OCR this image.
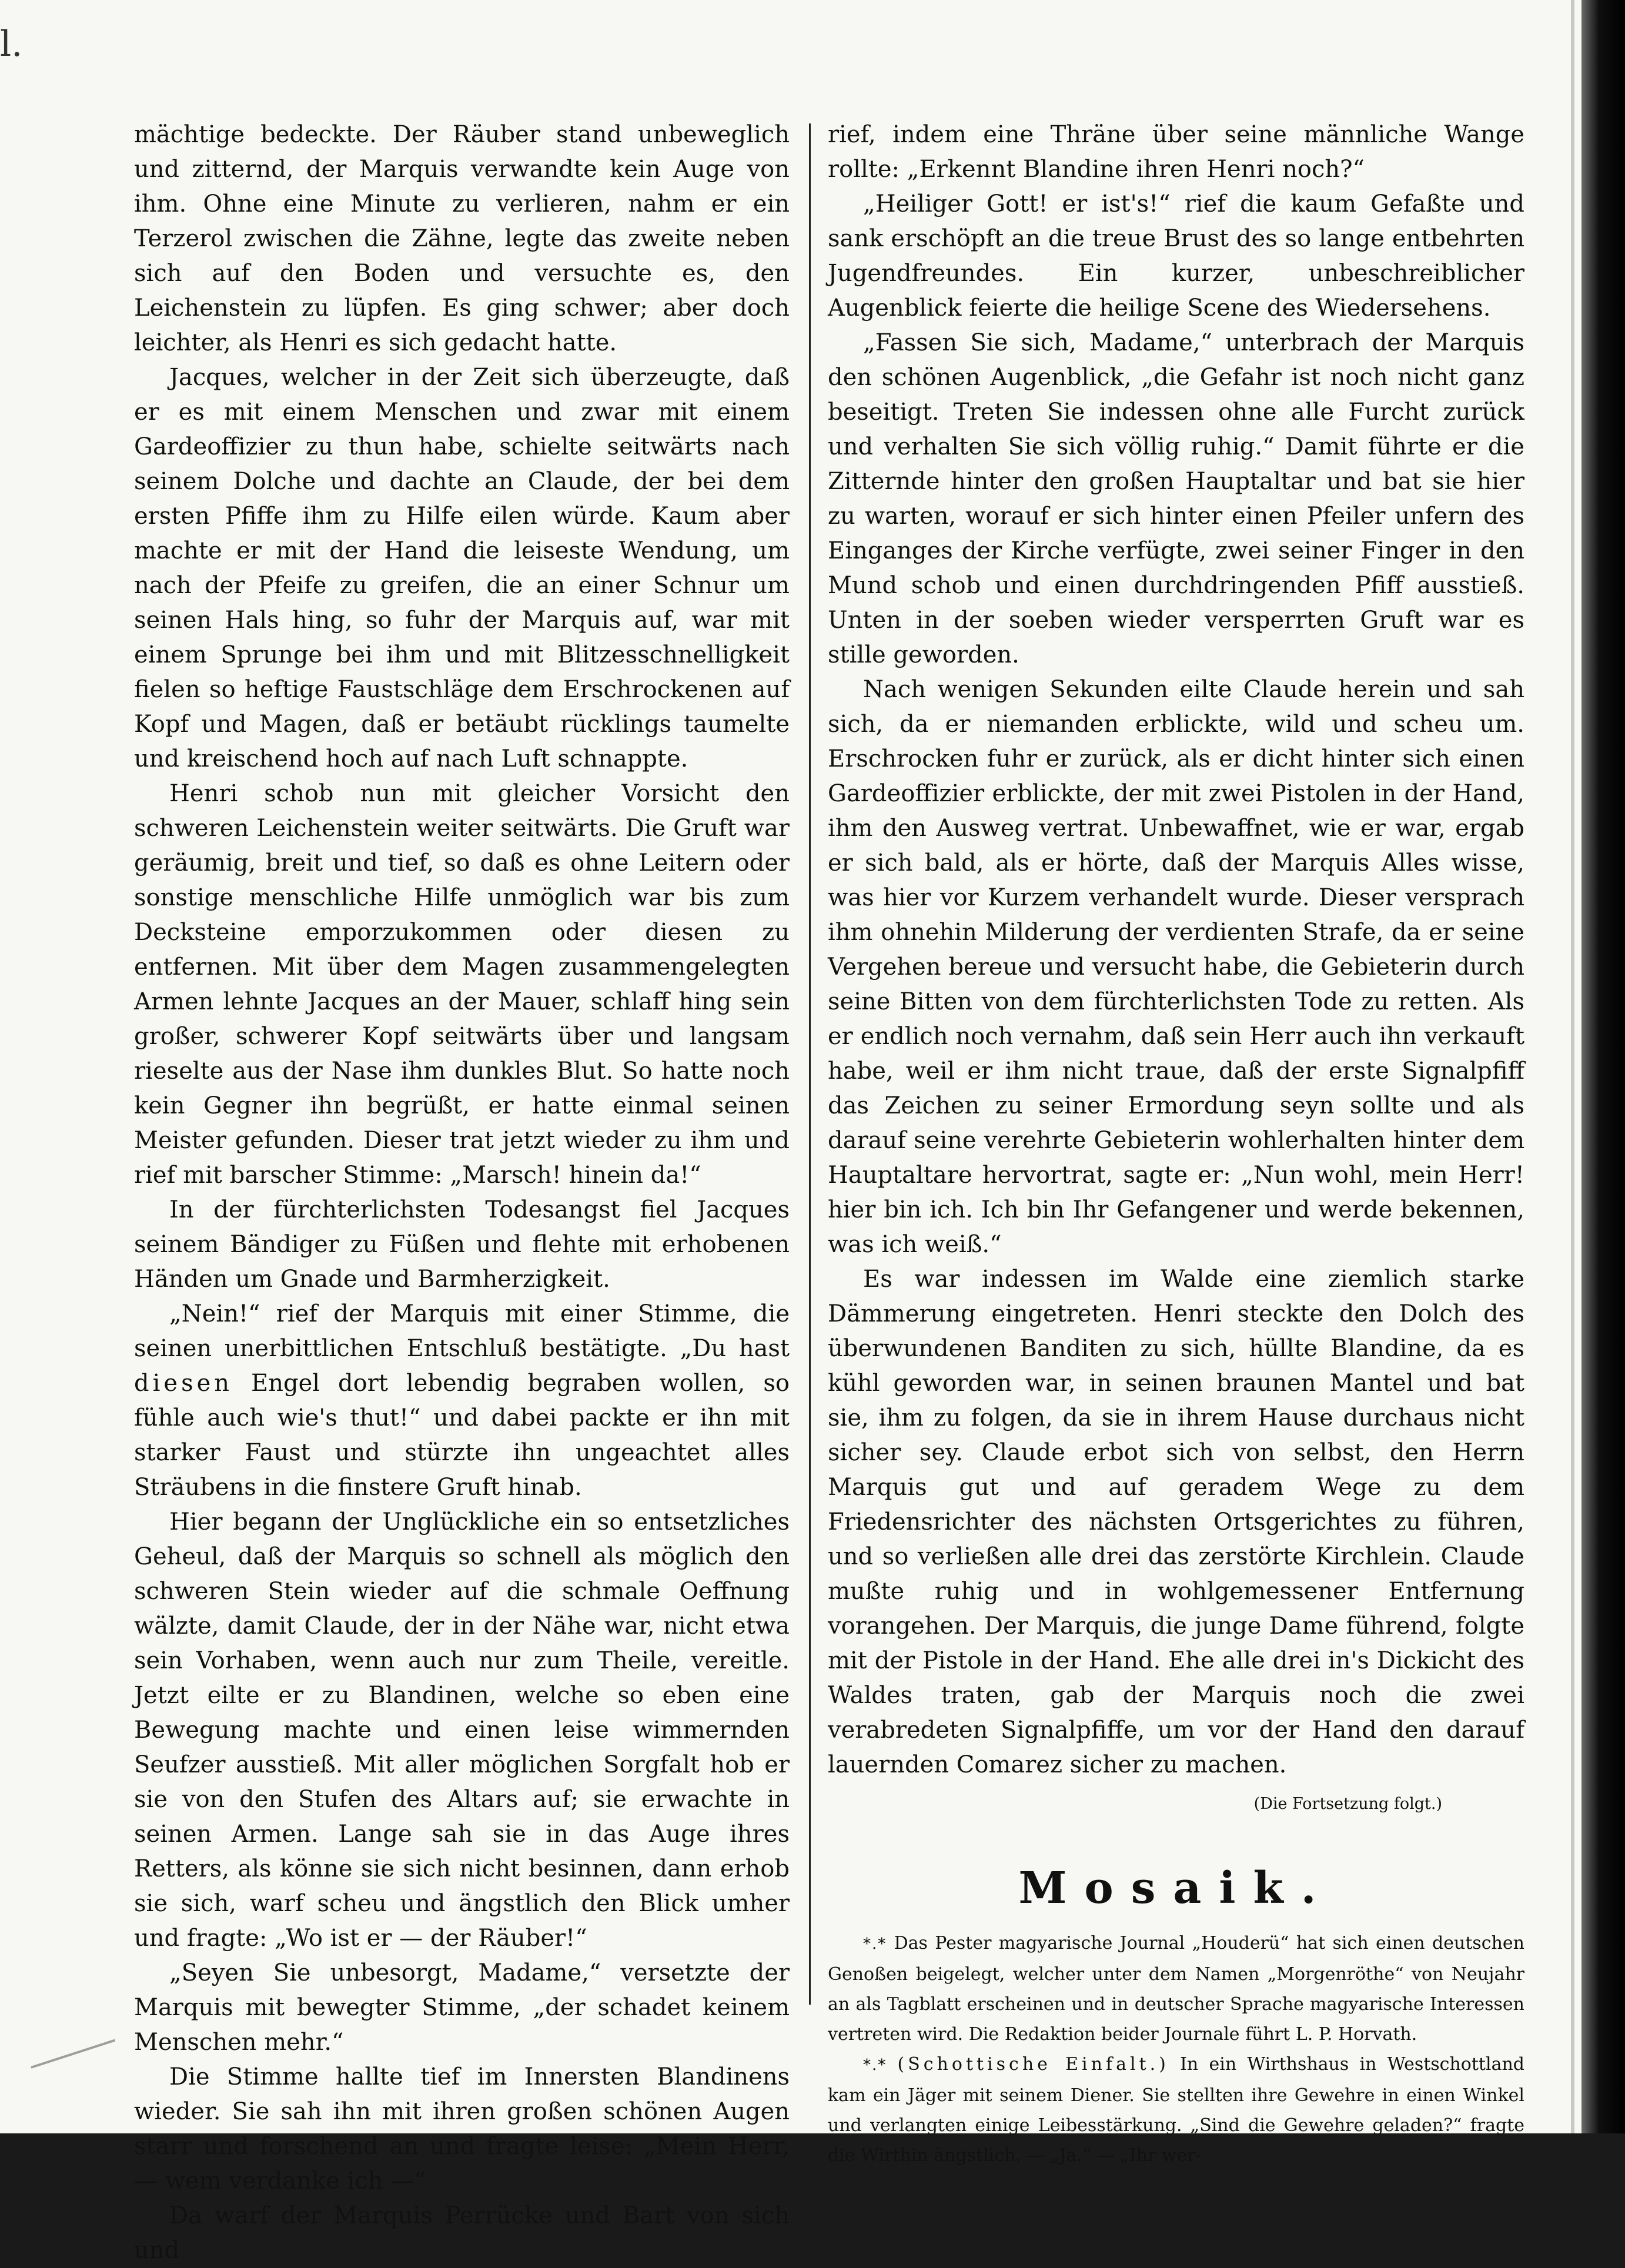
l.

mächtige bedeckte. Der Räuber stand unbeweglich und zitternd, der Marquis verwandte kein Auge von ihm. Ohne eine Minute zu verlieren, nahm er ein Terzerol zwischen die Zähne, legte das zweite neben sich auf den Boden und versuchte es, den Leichenstein zu lüpfen. Es ging schwer; aber doch leichter, als Henri es sich gedacht hatte.

Jacques, welcher in der Zeit sich überzeugte, daß er es mit einem Menschen und zwar mit einem Gardeoffizier zu thun habe, schielte seitwärts nach seinem Dolche und dachte an Claude, der bei dem ersten Pfiffe ihm zu Hilfe eilen würde. Kaum aber machte er mit der Hand die leiseste Wendung, um nach der Pfeife zu greifen, die an einer Schnur um seinen Hals hing, so fuhr der Marquis auf, war mit einem Sprunge bei ihm und mit Blitzesschnelligkeit fielen so heftige Faustschläge dem Erschrockenen auf Kopf und Magen, daß er betäubt rücklings taumelte und kreischend hoch auf nach Luft schnappte.

Henri schob nun mit gleicher Vorsicht den schweren Leichenstein weiter seitwärts. Die Gruft war geräumig, breit und tief, so daß es ohne Leitern oder sonstige menschliche Hilfe unmöglich war bis zum Decksteine emporzukommen oder diesen zu entfernen. Mit über dem Magen zusammengelegten Armen lehnte Jacques an der Mauer, schlaff hing sein großer, schwerer Kopf seitwärts über und langsam rieselte aus der Nase ihm dunkles Blut. So hatte noch kein Gegner ihn begrüßt, er hatte einmal seinen Meister gefunden. Dieser trat jetzt wieder zu ihm und rief mit barscher Stimme: „Marsch! hinein da!“

In der fürchterlichsten Todesangst fiel Jacques seinem Bändiger zu Füßen und flehte mit erhobenen Händen um Gnade und Barmherzigkeit.

„Nein!“ rief der Marquis mit einer Stimme, die seinen unerbittlichen Entschluß bestätigte. „Du hast diesen Engel dort lebendig begraben wollen, so fühle auch wie's thut!“ und dabei packte er ihn mit starker Faust und stürzte ihn ungeachtet alles Sträubens in die finstere Gruft hinab.

Hier begann der Unglückliche ein so entsetzliches Geheul, daß der Marquis so schnell als möglich den schweren Stein wieder auf die schmale Oeffnung wälzte, damit Claude, der in der Nähe war, nicht etwa sein Vorhaben, wenn auch nur zum Theile, vereitle. Jetzt eilte er zu Blandinen, welche so eben eine Bewegung machte und einen leise wimmernden Seufzer ausstieß. Mit aller möglichen Sorgfalt hob er sie von den Stufen des Altars auf; sie erwachte in seinen Armen. Lange sah sie in das Auge ihres Retters, als könne sie sich nicht besinnen, dann erhob sie sich, warf scheu und ängstlich den Blick umher und fragte: „Wo ist er — der Räuber!“

„Seyen Sie unbesorgt, Madame,“ versetzte der Marquis mit bewegter Stimme, „der schadet keinem Menschen mehr.“

Die Stimme hallte tief im Innersten Blandinens wieder. Sie sah ihn mit ihren großen schönen Augen starr und forschend an und fragte leise: „Mein Herr, — wem verdanke ich —“

Da warf der Marquis Perrücke und Bart von sich und

rief, indem eine Thräne über seine männliche Wange rollte: „Erkennt Blandine ihren Henri noch?“

„Heiliger Gott! er ist's!“ rief die kaum Gefaßte und sank erschöpft an die treue Brust des so lange entbehrten Jugendfreundes. Ein kurzer, unbeschreiblicher Augenblick feierte die heilige Scene des Wiedersehens.

„Fassen Sie sich, Madame,“ unterbrach der Marquis den schönen Augenblick, „die Gefahr ist noch nicht ganz beseitigt. Treten Sie indessen ohne alle Furcht zurück und verhalten Sie sich völlig ruhig.“ Damit führte er die Zitternde hinter den großen Hauptaltar und bat sie hier zu warten, worauf er sich hinter einen Pfeiler unfern des Einganges der Kirche verfügte, zwei seiner Finger in den Mund schob und einen durchdringenden Pfiff ausstieß. Unten in der soeben wieder versperrten Gruft war es stille geworden.

Nach wenigen Sekunden eilte Claude herein und sah sich, da er niemanden erblickte, wild und scheu um. Erschrocken fuhr er zurück, als er dicht hinter sich einen Gardeoffizier erblickte, der mit zwei Pistolen in der Hand, ihm den Ausweg vertrat. Unbewaffnet, wie er war, ergab er sich bald, als er hörte, daß der Marquis Alles wisse, was hier vor Kurzem verhandelt wurde. Dieser versprach ihm ohnehin Milderung der verdienten Strafe, da er seine Vergehen bereue und versucht habe, die Gebieterin durch seine Bitten von dem fürchterlichsten Tode zu retten. Als er endlich noch vernahm, daß sein Herr auch ihn verkauft habe, weil er ihm nicht traue, daß der erste Signalpfiff das Zeichen zu seiner Ermordung seyn sollte und als darauf seine verehrte Gebieterin wohlerhalten hinter dem Hauptaltare hervortrat, sagte er: „Nun wohl, mein Herr! hier bin ich. Ich bin Ihr Gefangener und werde bekennen, was ich weiß.“

Es war indessen im Walde eine ziemlich starke Dämmerung eingetreten. Henri steckte den Dolch des überwundenen Banditen zu sich, hüllte Blandine, da es kühl geworden war, in seinen braunen Mantel und bat sie, ihm zu folgen, da sie in ihrem Hause durchaus nicht sicher sey. Claude erbot sich von selbst, den Herrn Marquis gut und auf geradem Wege zu dem Friedensrichter des nächsten Ortsgerichtes zu führen, und so verließen alle drei das zerstörte Kirchlein. Claude mußte ruhig und in wohlgemessener Entfernung vorangehen. Der Marquis, die junge Dame führend, folgte mit der Pistole in der Hand. Ehe alle drei in's Dickicht des Waldes traten, gab der Marquis noch die zwei verabredeten Signalpfiffe, um vor der Hand den darauf lauernden Comarez sicher zu machen.

(Die Fortsetzung folgt.)
Mosaik.

*.* Das Pester magyarische Journal „Houderü“ hat sich einen deutschen Genoßen beigelegt, welcher unter dem Namen „Morgenröthe“ von Neujahr an als Tagblatt erscheinen und in deutscher Sprache magyarische Interessen vertreten wird. Die Redaktion beider Journale führt L. P. Horvath.

*.* (Schottische Einfalt.) In ein Wirthshaus in Westschottland kam ein Jäger mit seinem Diener. Sie stellten ihre Gewehre in einen Winkel und verlangten einige Leibesstärkung. „Sind die Gewehre geladen?“ fragte die Wirthin ängstlich. — „Ja.“ — „Ihr wer-
